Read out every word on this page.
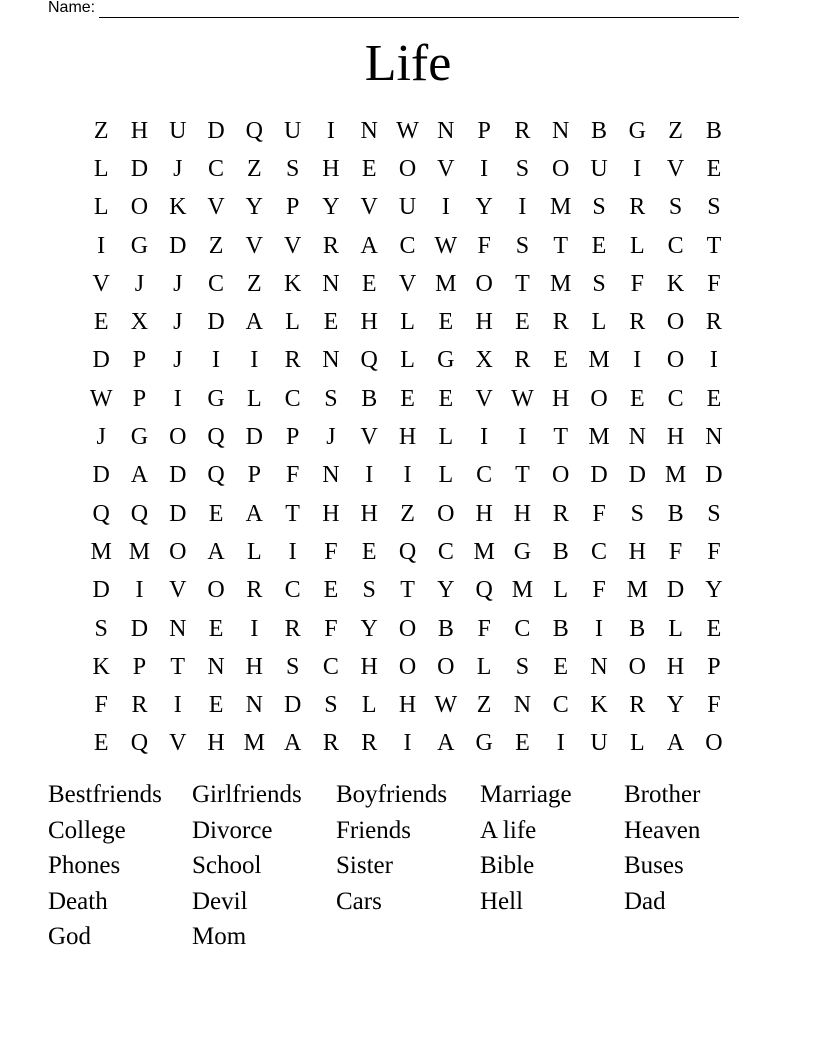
Name:
Life
Z H U D Q U	I	N W N P R N B G Z B
L D	J	C Z	S H E O V	I	S O U	I	V E
L O K V Y P Y V U	I	Y	I M S R S	S
I	G D Z V V R A C W F	S	T E L C T
V	J	J	C Z K N E V M O T M S	F K F
E X	J	D A L E H L E H E R L R O R
D P	J	I	I	R N Q L G X R E M I	O	I
W P	I	G L C S B E E V W H O E C E
J	G O Q D P	J	V H L	I	I	T M N H N
D A D Q P	F N	I	I	L C T O D D M D
Q Q D E A T H H Z O H H R F	S B S
M M O A L	I	F	E Q C M G B C H F	F
D	I	V O R C E	S	T Y Q M L	F M D Y
S D N E	I	R F Y O B F C B	I	B L E
K P	T N H S C H O O L	S	E N O H P
F R	I	E N D S	L H W Z N C K R Y F
E Q V H M A R R	I	A G E	I	U L A O
Bestfriends	Girlfriends	Boyfriends	Marriage	Brother
College	Divorce	Friends	A life	Heaven
Phones	School	Sister	Bible	Buses
Death	Devil	Cars	Hell	Dad
God	Mom
